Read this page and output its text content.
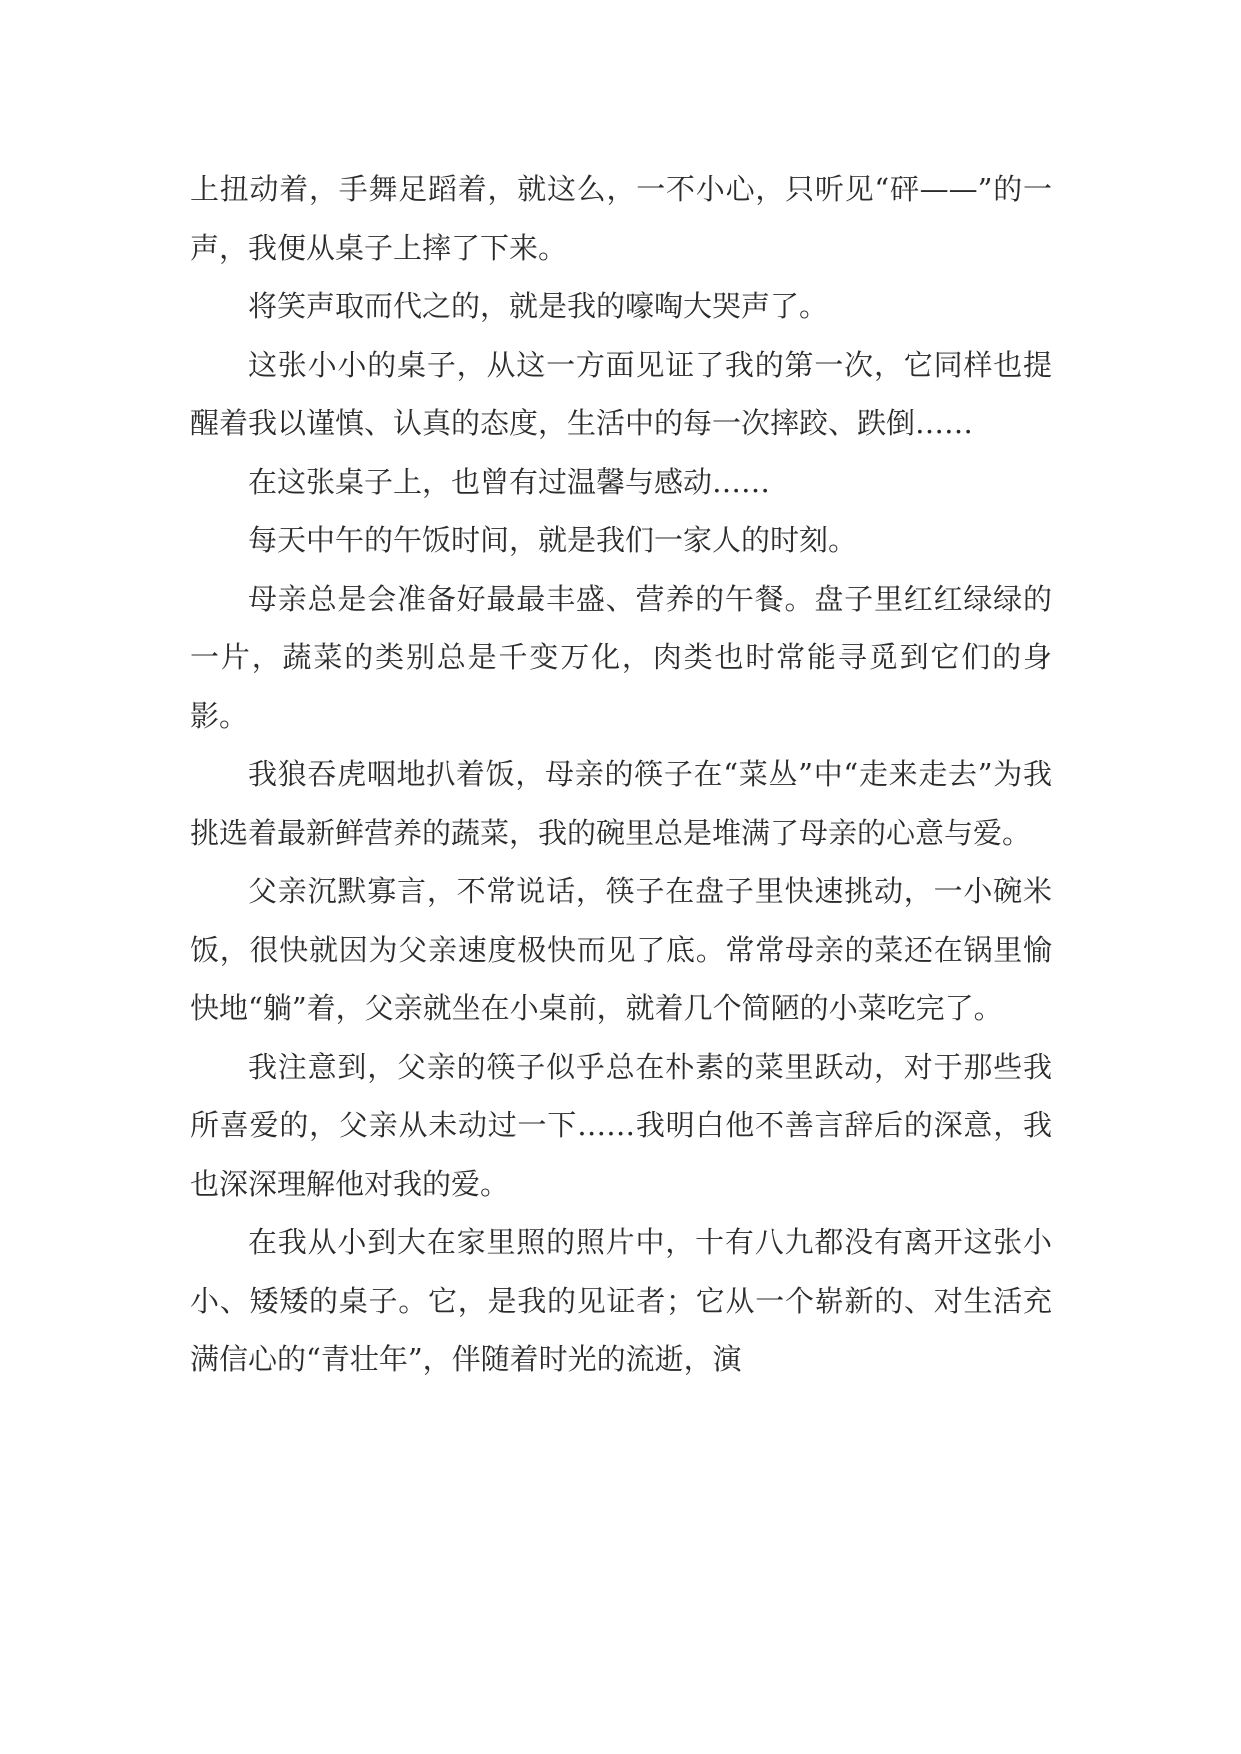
上扭动着，手舞足蹈着，就这么，一不小心，只听见“砰——”的一声，我便从桌子上摔了下来。

将笑声取而代之的，就是我的嚎啕大哭声了。

这张小小的桌子，从这一方面见证了我的第一次，它同样也提醒着我以谨慎、认真的态度，生活中的每一次摔跤、跌倒……

在这张桌子上，也曾有过温馨与感动……

每天中午的午饭时间，就是我们一家人的时刻。

母亲总是会准备好最最丰盛、营养的午餐。盘子里红红绿绿的一片，蔬菜的类别总是千变万化，肉类也时常能寻觅到它们的身影。

我狼吞虎咽地扒着饭，母亲的筷子在“菜丛”中“走来走去”为我挑选着最新鲜营养的蔬菜，我的碗里总是堆满了母亲的心意与爱。

父亲沉默寡言，不常说话，筷子在盘子里快速挑动，一小碗米饭，很快就因为父亲速度极快而见了底。常常母亲的菜还在锅里愉快地“躺”着，父亲就坐在小桌前，就着几个简陋的小菜吃完了。

我注意到，父亲的筷子似乎总在朴素的菜里跃动，对于那些我所喜爱的，父亲从未动过一下……我明白他不善言辞后的深意，我也深深理解他对我的爱。

在我从小到大在家里照的照片中，十有八九都没有离开这张小小、矮矮的桌子。它，是我的见证者；它从一个崭新的、对生活充满信心的“青壮年”，伴随着时光的流逝，演
